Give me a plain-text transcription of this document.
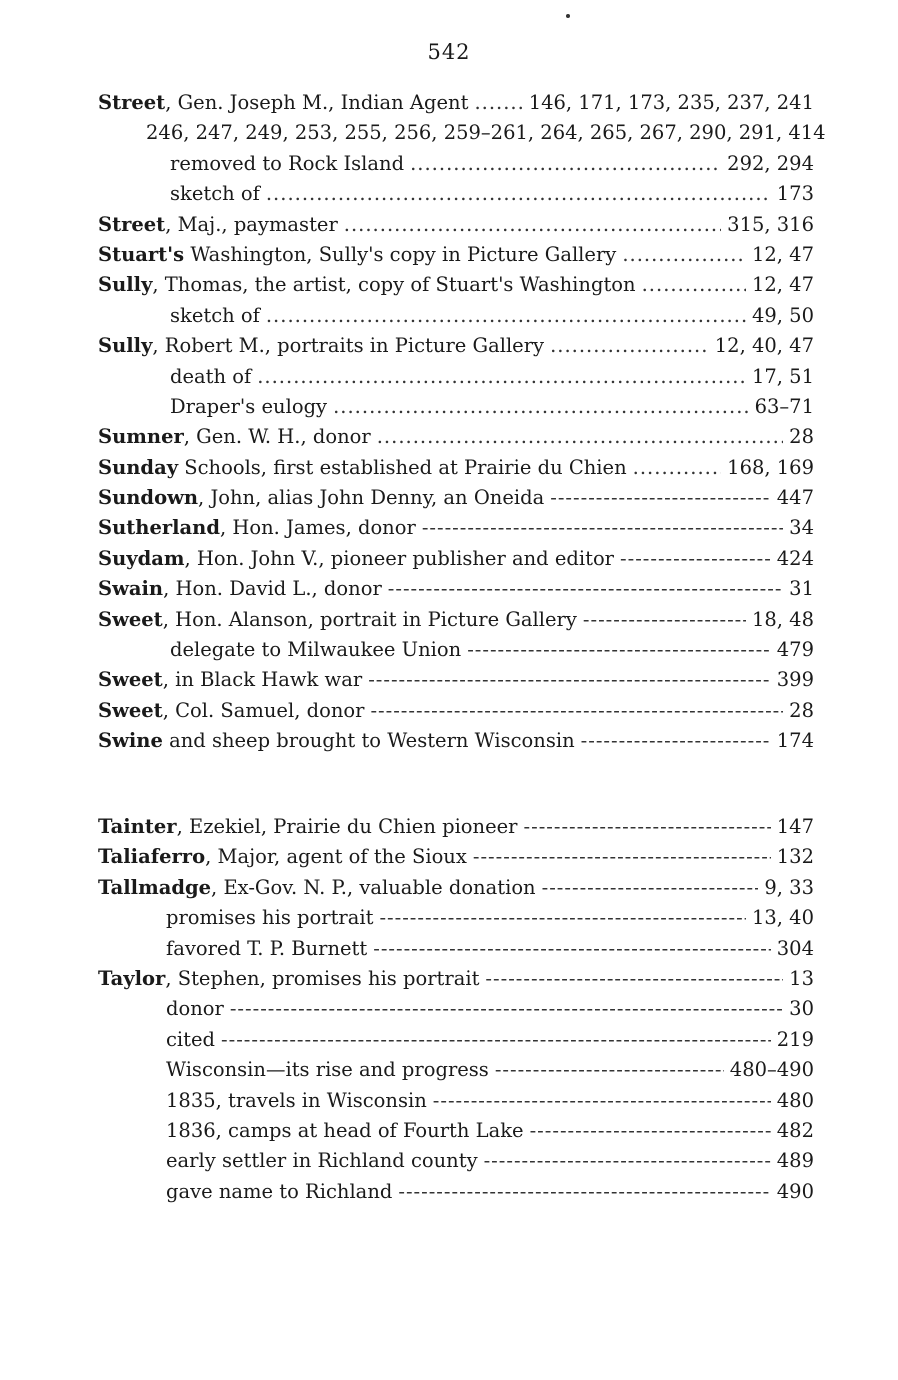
542
Street, Gen. Joseph M., Indian Agent .....	146, 171, 173, 235, 237, 241
246, 247, 249, 253, 255, 256, 259–261, 264, 265, 267, 290, 291, 414
removed to Rock Island .....	292, 294
sketch of .....	173
Street, Maj., paymaster .....	315, 316
Stuart's Washington, Sully's copy in Picture Gallery .....	12, 47
Sully, Thomas, the artist, copy of Stuart's Washington .....	12, 47
sketch of .....	49, 50
Sully, Robert M., portraits in Picture Gallery .....	12, 40, 47
death of .....	17, 51
Draper's eulogy .....	63–71
Sumner, Gen. W. H., donor .....	28
Sunday Schools, first established at Prairie du Chien .....	168, 169
Sundown, John, alias John Denny, an Oneida -----	447
Sutherland, Hon. James, donor -----	34
Suydam, Hon. John V., pioneer publisher and editor -----	424
Swain, Hon. David L., donor -----	31
Sweet, Hon. Alanson, portrait in Picture Gallery -----	18, 48
delegate to Milwaukee Union -----	479
Sweet, in Black Hawk war -----	399
Sweet, Col. Samuel, donor -----	28
Swine and sheep brought to Western Wisconsin -----	174
Tainter, Ezekiel, Prairie du Chien pioneer -----	147
Taliaferro, Major, agent of the Sioux -----	132
Tallmadge, Ex-Gov. N. P., valuable donation -----	9, 33
promises his portrait -----	13, 40
favored T. P. Burnett -----	304
Taylor, Stephen, promises his portrait -----	13
donor -----	30
cited -----	219
Wisconsin—its rise and progress -----	480–490
1835, travels in Wisconsin -----	480
1836, camps at head of Fourth Lake -----	482
early settler in Richland county -----	489
gave name to Richland -----	490
